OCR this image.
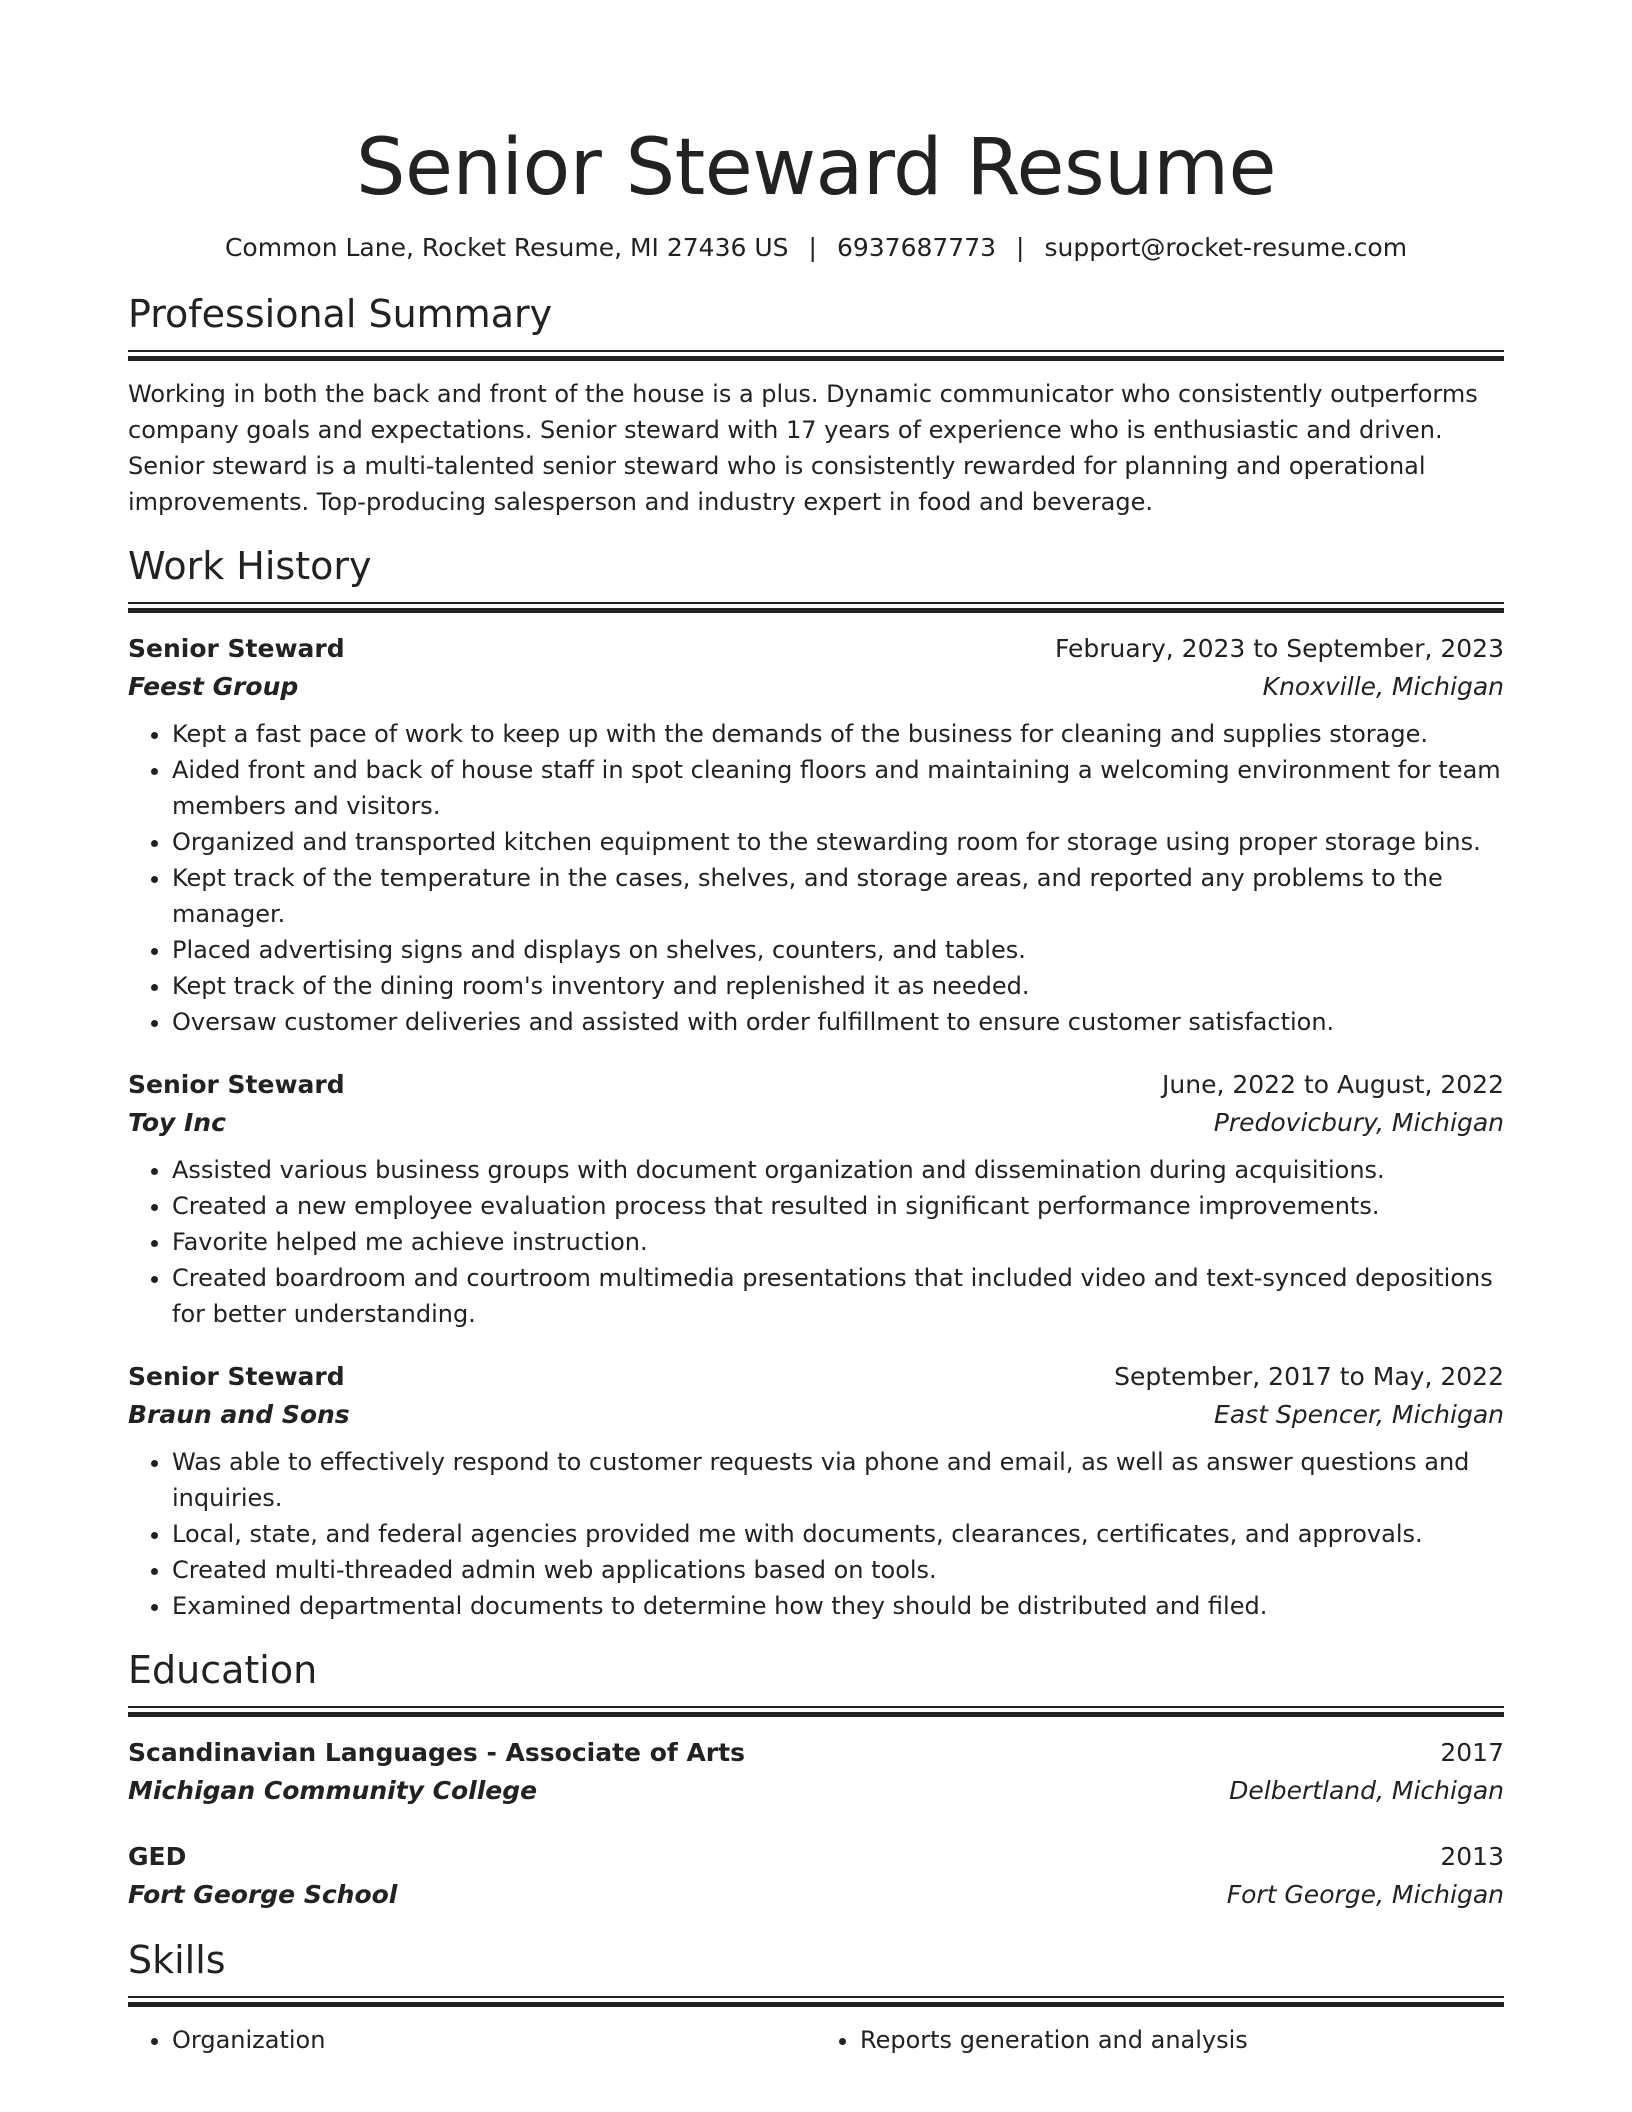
Senior Steward Resume
Common Lane, Rocket Resume, MI 27436 US | 6937687773 | support@rocket-resume.com
Professional Summary

Working in both the back and front of the house is a plus. Dynamic communicator who consistently outperforms company goals and expectations. Senior steward with 17 years of experience who is enthusiastic and driven. Senior steward is a multi-talented senior steward who is consistently rewarded for planning and operational improvements. Top-producing salesperson and industry expert in food and beverage.

Work History
Senior Steward	February, 2023 to September, 2023
Feest Group	Knoxville, Michigan
• Kept a fast pace of work to keep up with the demands of the business for cleaning and supplies storage.
• Aided front and back of house staff in spot cleaning floors and maintaining a welcoming environment for team members and visitors.
• Organized and transported kitchen equipment to the stewarding room for storage using proper storage bins.
• Kept track of the temperature in the cases, shelves, and storage areas, and reported any problems to the manager.
• Placed advertising signs and displays on shelves, counters, and tables.
• Kept track of the dining room's inventory and replenished it as needed.
• Oversaw customer deliveries and assisted with order fulfillment to ensure customer satisfaction.
Senior Steward	June, 2022 to August, 2022
Toy Inc	Predovicbury, Michigan
• Assisted various business groups with document organization and dissemination during acquisitions.
• Created a new employee evaluation process that resulted in significant performance improvements.
• Favorite helped me achieve instruction.
• Created boardroom and courtroom multimedia presentations that included video and text-synced depositions for better understanding.
Senior Steward	September, 2017 to May, 2022
Braun and Sons	East Spencer, Michigan
• Was able to effectively respond to customer requests via phone and email, as well as answer questions and inquiries.
• Local, state, and federal agencies provided me with documents, clearances, certificates, and approvals.
• Created multi-threaded admin web applications based on tools.
• Examined departmental documents to determine how they should be distributed and filed.
Education
Scandinavian Languages - Associate of Arts	2017
Michigan Community College	Delbertland, Michigan
GED	2013
Fort George School	Fort George, Michigan
Skills
• Organization
•	Reports generation and analysis
